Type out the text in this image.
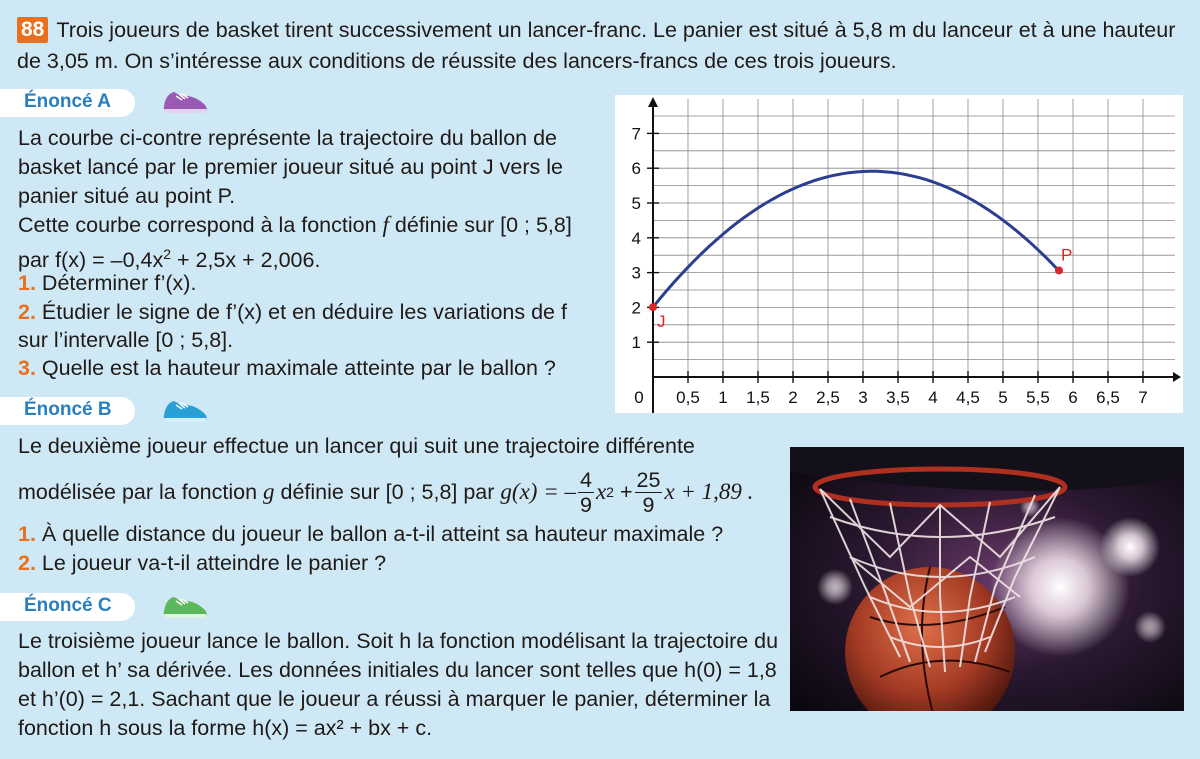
88 Trois joueurs de basket tirent successivement un lancer-franc. Le panier est situé à 5,8 m du lanceur et à une hauteur
de 3,05 m. On s’intéresse aux conditions de réussite des lancers-francs de ces trois joueurs.
Énoncé A
La courbe ci-contre représente la trajectoire du ballon de
basket lancé par le premier joueur situé au point J vers le
panier situé au point P.
Cette courbe correspond à la fonction f définie sur [0 ; 5,8]
par $f(x) = -0,4x^2 + 2,5x + 2,006$.
1. Déterminer f’(x).
2. Étudier le signe de f’(x) et en déduire les variations de f
sur l’intervalle [0 ; 5,8].
3. Quelle est la hauteur maximale atteinte par le ballon ?
0 0,5 1 1,5 2 2,5 3 3,5 4 4,5 5 5,5 6 6,5 7
1
2
3
4
5
6
7
J
P
Énoncé B
Le deuxième joueur effectue un lancer qui suit une trajectoire différente
modélisée par la fonction
g
définie sur [0 ; 5,8] par
g(x) = – $\frac{4}{9}$ x 2
+ $\frac{25}{9}$ x + 1,89 .
1. À quelle distance du joueur le ballon a-t-il atteint sa hauteur maximale ?
2. Le joueur va-t-il atteindre le panier ?
Énoncé C
Le troisième joueur lance le ballon. Soit h la fonction modélisant la trajectoire du
ballon et h’ sa dérivée. Les données initiales du lancer sont telles que h(0) = 1,8
et h’(0) = 2,1. Sachant que le joueur a réussi à marquer le panier, déterminer la
fonction h sous la forme h(x) = ax² + bx + c.
